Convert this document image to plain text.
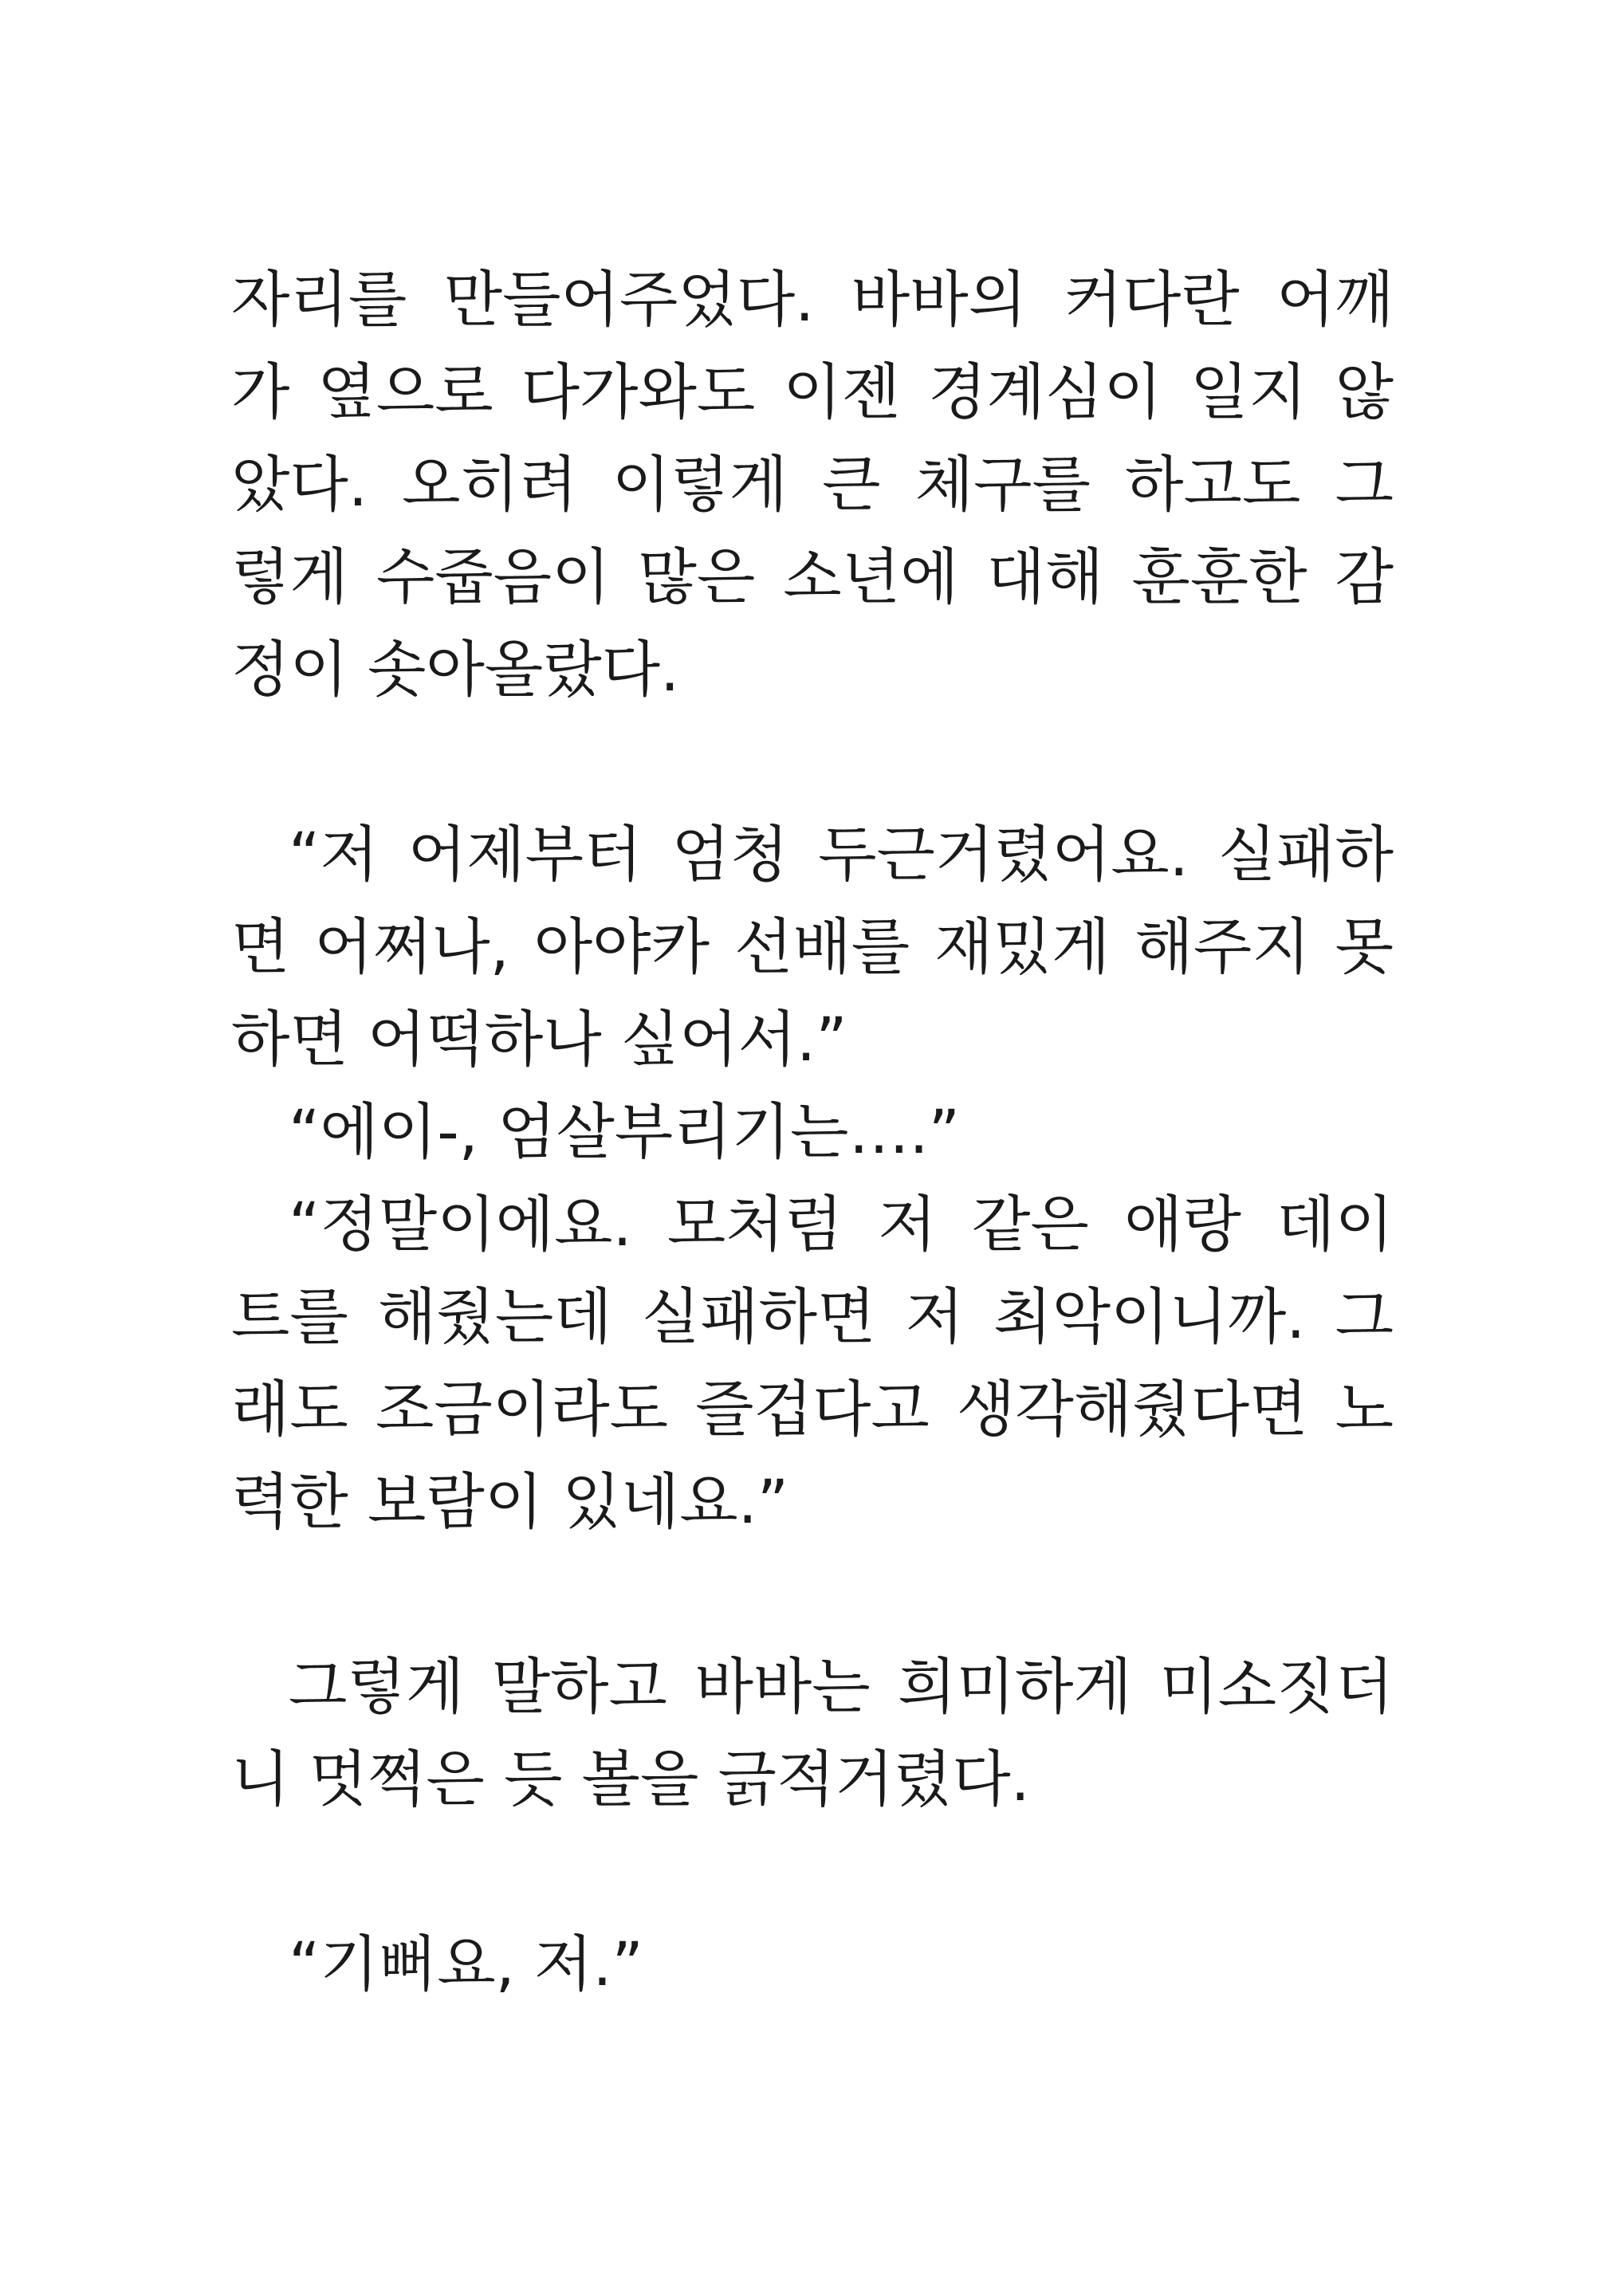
자리를 만들어주었다. 바바의 커다란 어깨
가 옆으로 다가와도 이젠 경계심이 일지 않
았다. 오히려 이렇게 큰 체구를 하고도 그
렇게 수줍음이 많은 소년에 대해 훈훈한 감
정이 솟아올랐다.
“저 어제부터 엄청 두근거렸어요. 실패하
면 어쩌나, 아야카 선배를 재밌게 해주지 못
하면 어떡하나 싶어서.”
“에이-, 엄살부리기는….”
“정말이에요. 모처럼 저 같은 애랑 데이
트를 해줬는데 실패하면 저 최악이니까. 그
래도 조금이라도 즐겁다고 생각해줬다면 노
력한 보람이 있네요.”
그렇게 말하고 바바는 희미하게 미소짓더
니 멋쩍은 듯 볼을 긁적거렸다.
“기뻐요, 저.”
